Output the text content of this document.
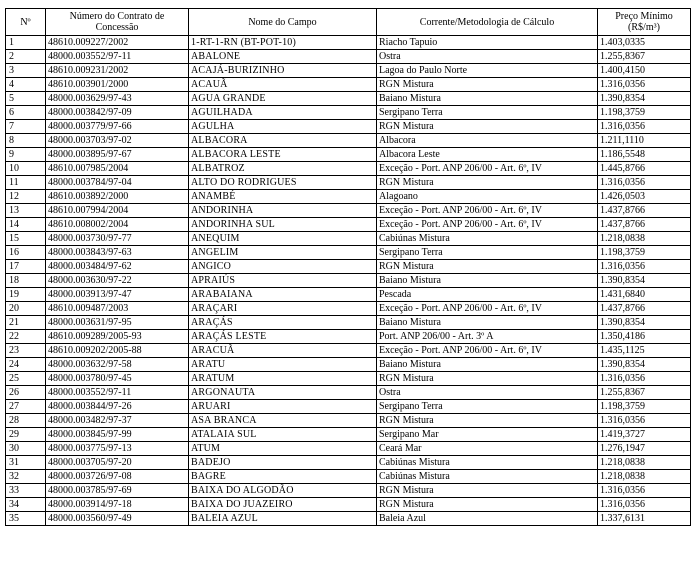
Nº	Número do Contrato de Concessão	Nome do Campo	Corrente/Metodologia de Cálculo	Preço Mínimo (R$/m³)
1	48610.009227/2002	1-RT-1-RN (BT-POT-10)	Riacho Tapuio	1.403,0335
2	48000.003552/97-11	ABALONE	Ostra	1.255,8367
3	48610.009231/2002	ACAJÁ-BURIZINHO	Lagoa do Paulo Norte	1.400,4150
4	48610.003901/2000	ACAUÃ	RGN Mistura	1.316,0356
5	48000.003629/97-43	AGUA GRANDE	Baiano Mistura	1.390,8354
6	48000.003842/97-09	AGUILHADA	Sergipano Terra	1.198,3759
7	48000.003779/97-66	AGULHA	RGN Mistura	1.316,0356
8	48000.003703/97-02	ALBACORA	Albacora	1.211,1110
9	48000.003895/97-67	ALBACORA LESTE	Albacora Leste	1.186,5548
10	48610.007985/2004	ALBATROZ	Exceção - Port. ANP 206/00 - Art. 6º, IV	1.445,8766
11	48000.003784/97-04	ALTO DO RODRIGUES	RGN Mistura	1.316,0356
12	48610.003892/2000	ANAMBÉ	Alagoano	1.426,0503
13	48610.007994/2004	ANDORINHA	Exceção - Port. ANP 206/00 - Art. 6º, IV	1.437,8766
14	48610.008002/2004	ANDORINHA SUL	Exceção - Port. ANP 206/00 - Art. 6º, IV	1.437,8766
15	48000.003730/97-77	ANEQUIM	Cabiúnas Mistura	1.218,0838
16	48000.003843/97-63	ANGELIM	Sergipano Terra	1.198,3759
17	48000.003484/97-62	ANGICO	RGN Mistura	1.316,0356
18	48000.003630/97-22	APRAIÚS	Baiano Mistura	1.390,8354
19	48000.003913/97-47	ARABAIANA	Pescada	1.431,6840
20	48610.009487/2003	ARAÇARI	Exceção - Port. ANP 206/00 - Art. 6º, IV	1.437,8766
21	48000.003631/97-95	ARAÇÁS	Baiano Mistura	1.390,8354
22	48610.009289/2005-93	ARAÇÁS LESTE	Port. ANP 206/00 - Art. 3º A	1.350,4186
23	48610.009202/2005-88	ARACUÃ	Exceção - Port. ANP 206/00 - Art. 6º, IV	1.435,1125
24	48000.003632/97-58	ARATU	Baiano Mistura	1.390,8354
25	48000.003780/97-45	ARATUM	RGN Mistura	1.316,0356
26	48000.003552/97-11	ARGONAUTA	Ostra	1.255,8367
27	48000.003844/97-26	ARUARI	Sergipano Terra	1.198,3759
28	48000.003482/97-37	ASA BRANCA	RGN Mistura	1.316,0356
29	48000.003845/97-99	ATALAIA SUL	Sergipano Mar	1.419,3727
30	48000.003775/97-13	ATUM	Ceará Mar	1.276,1947
31	48000.003705/97-20	BADEJO	Cabiúnas Mistura	1.218,0838
32	48000.003726/97-08	BAGRE	Cabiúnas Mistura	1.218,0838
33	48000.003785/97-69	BAIXA DO ALGODÃO	RGN Mistura	1.316,0356
34	48000.003914/97-18	BAIXA DO JUAZEIRO	RGN Mistura	1.316,0356
35	48000.003560/97-49	BALEIA AZUL	Baleia Azul	1.337,6131
